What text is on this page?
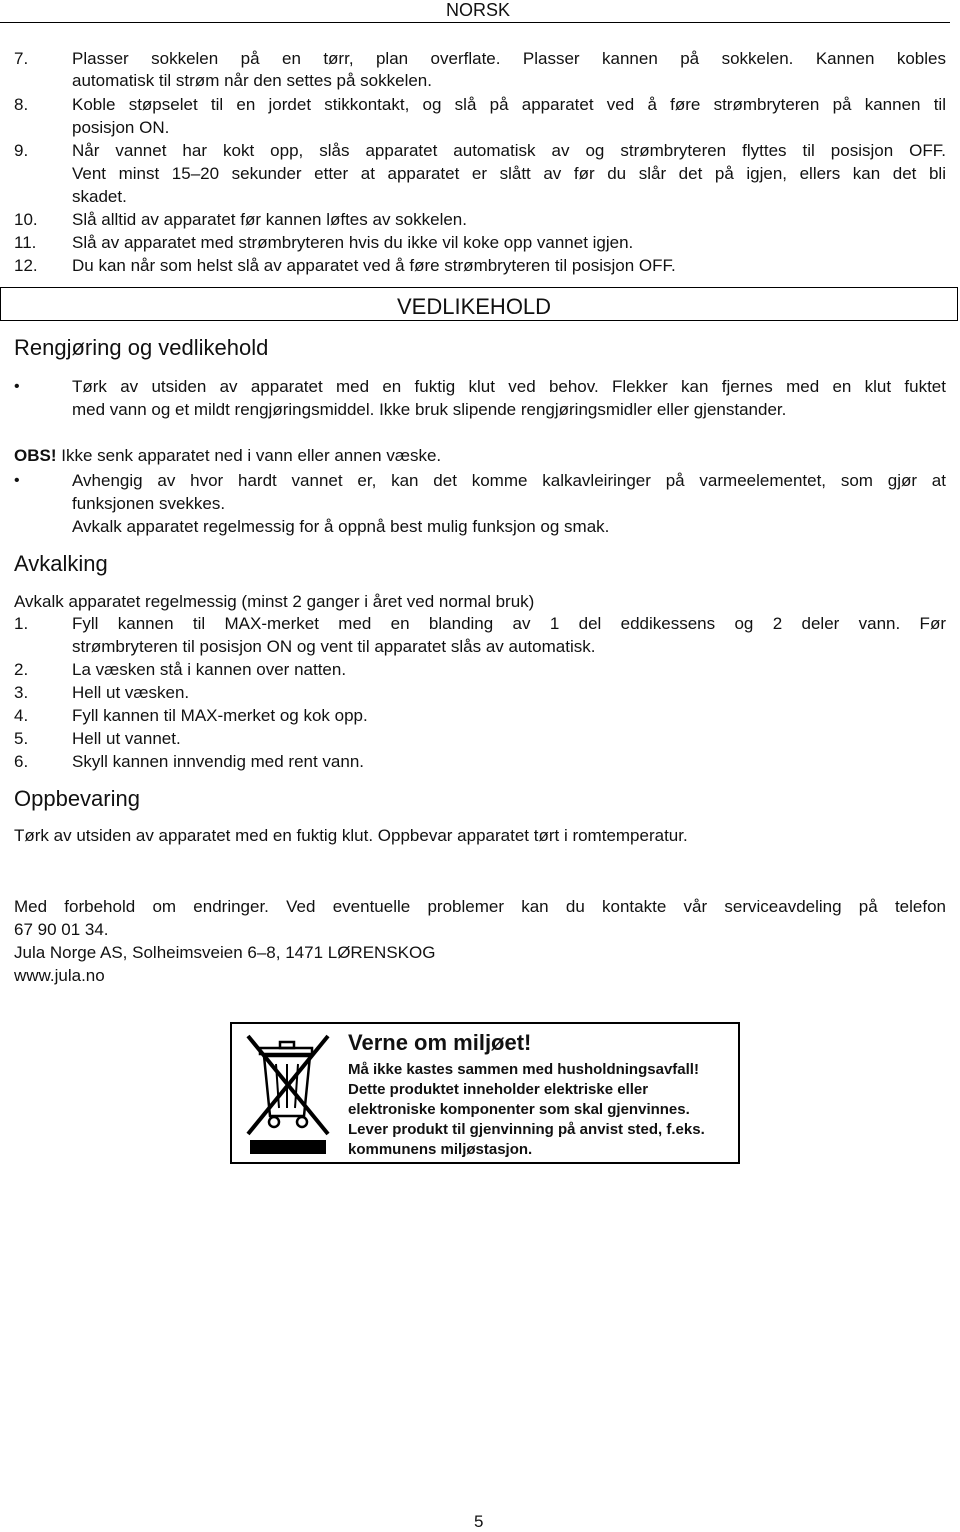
NORSK
7.	Plasser sokkelen på en tørr, plan overflate. Plasser kannen på sokkelen. Kannen kobles
automatisk til strøm når den settes på sokkelen.
8.	Koble støpselet til en jordet stikkontakt, og slå på apparatet ved å føre strømbryteren på kannen til
posisjon ON.
9.	Når vannet har kokt opp, slås apparatet automatisk av og strømbryteren flyttes til posisjon OFF.
Vent minst 15–20 sekunder etter at apparatet er slått av før du slår det på igjen, ellers kan det bli
skadet.
10. Slå alltid av apparatet før kannen løftes av sokkelen.
11. Slå av apparatet med strømbryteren hvis du ikke vil koke opp vannet igjen.
12. Du kan når som helst slå av apparatet ved å føre strømbryteren til posisjon OFF.
VEDLIKEHOLD
Rengjøring og vedlikehold
•	Tørk av utsiden av apparatet med en fuktig klut ved behov. Flekker kan fjernes med en klut fuktet
med vann og et mildt rengjøringsmiddel. Ikke bruk slipende rengjøringsmidler eller gjenstander.
OBS! Ikke senk apparatet ned i vann eller annen væske.
•	Avhengig av hvor hardt vannet er, kan det komme kalkavleiringer på varmeelementet, som gjør at
funksjonen svekkes.
Avkalk apparatet regelmessig for å oppnå best mulig funksjon og smak.
Avkalking
Avkalk apparatet regelmessig (minst 2 ganger i året ved normal bruk)
1.	Fyll kannen til MAX-merket med en blanding av 1 del eddikessens og 2 deler vann. Før
strømbryteren til posisjon ON og vent til apparatet slås av automatisk.
2.	La væsken stå i kannen over natten.
3.	Hell ut væsken.
4.	Fyll kannen til MAX-merket og kok opp.
5.	Hell ut vannet.
6.	Skyll kannen innvendig med rent vann.
Oppbevaring
Tørk av utsiden av apparatet med en fuktig klut. Oppbevar apparatet tørt i romtemperatur.
Med forbehold om endringer. Ved eventuelle problemer kan du kontakte vår serviceavdeling på telefon
67 90 01 34.
Jula Norge AS, Solheimsveien 6–8, 1471 LØRENSKOG
www.jula.no
Verne om miljøet!
Må ikke kastes sammen med husholdningsavfall!
Dette produktet inneholder elektriske eller
elektroniske komponenter som skal gjenvinnes.
Lever produkt til gjenvinning på anvist sted, f.eks.
kommunens miljøstasjon.
5
